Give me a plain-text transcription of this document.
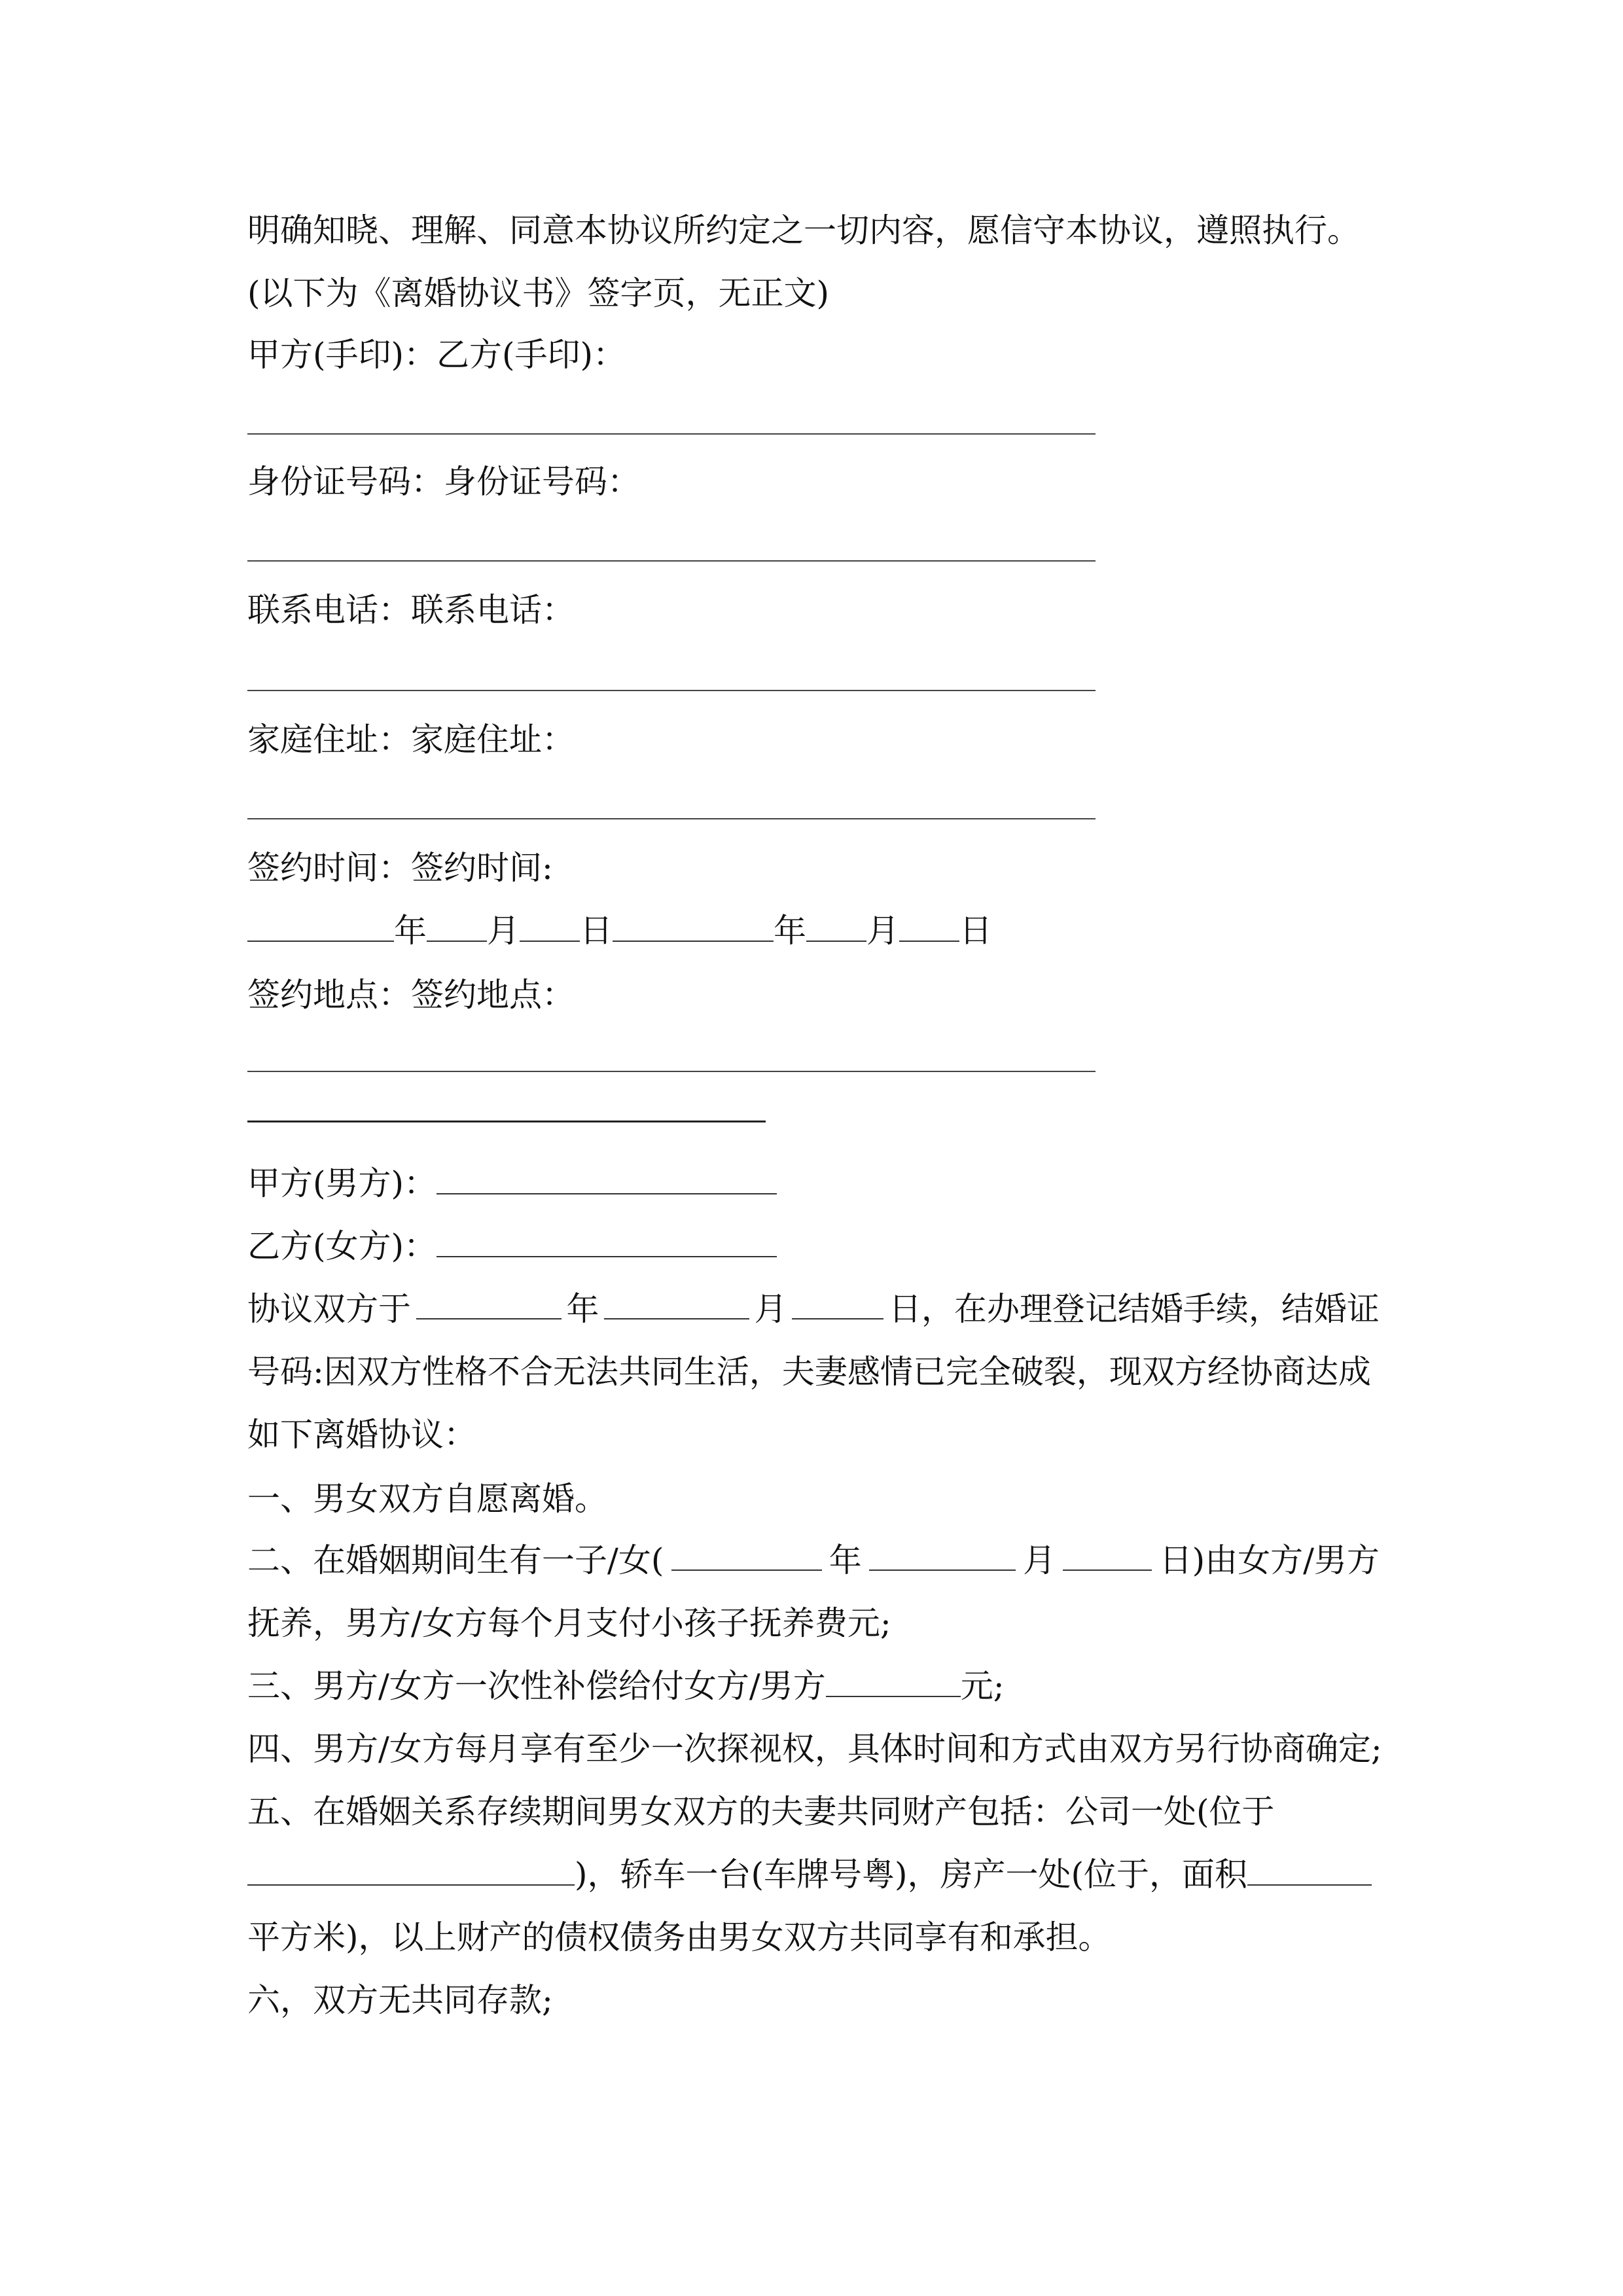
明确知晓、理解、同意本协议所约定之一切内容，愿信守本协议，遵照执行。

(以下为《离婚协议书》签字页，无正文)

甲方(手印)：乙方(手印)：

身份证号码：身份证号码：

联系电话：联系电话：

家庭住址：家庭住址：

签约时间：签约时间:

年 月 日	年 月 日

签约地点：签约地点：

甲方(男方)：

乙方(女方)：

协议双方于	年	月	日，在办理登记结婚手续，结婚证

号码:因双方性格不合无法共同生活，夫妻感情已完全破裂，现双方经协商达成

如下离婚协议：

一、男女双方自愿离婚。

二、在婚姻期间生有一子/女(	年	月	日)由女方/男方

抚养，男方/女方每个月支付小孩子抚养费元;

三、男方/女方一次性补偿给付女方/男方	元;

四、男方/女方每月享有至少一次探视权，具体时间和方式由双方另行协商确定;

五、在婚姻关系存续期间男女双方的夫妻共同财产包括：公司一处(位于

)，轿车一台(车牌号粤)，房产一处(位于，面积

平方米)，以上财产的债权债务由男女双方共同享有和承担。

六，双方无共同存款;
